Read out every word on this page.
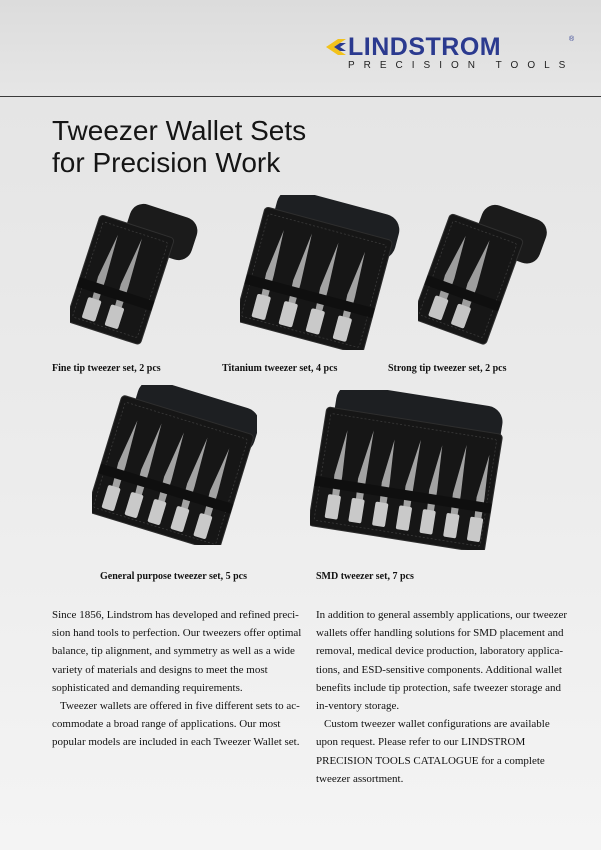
LINDSTROM	®
PRECISION TOOLS
Tweezer Wallet Sets
for Precision Work
Fine tip tweezer set, 2 pcs	Titanium tweezer set, 4 pcs	Strong tip tweezer set, 2 pcs
General purpose tweezer set, 5 pcs	SMD tweezer set, 7 pcs

Since 1856, Lindstrom has developed and refined preci-sion hand tools to perfection. Our tweezers offer optimal balance, tip alignment, and symmetry as well as a wide variety of materials and designs to meet the most sophisticated and demanding requirements.

Tweezer wallets are offered in five different sets to ac-commodate a broad range of applications. Our most popular models are included in each Tweezer Wallet set.

In addition to general assembly applications, our tweezer wallets offer handling solutions for SMD placement and removal, medical device production, laboratory applica-tions, and ESD-sensitive components. Additional wallet benefits include tip protection, safe tweezer storage and in-ventory storage.

Custom tweezer wallet configurations are available upon request. Please refer to our LINDSTROM PRECISION TOOLS CATALOGUE for a complete tweezer assortment.
